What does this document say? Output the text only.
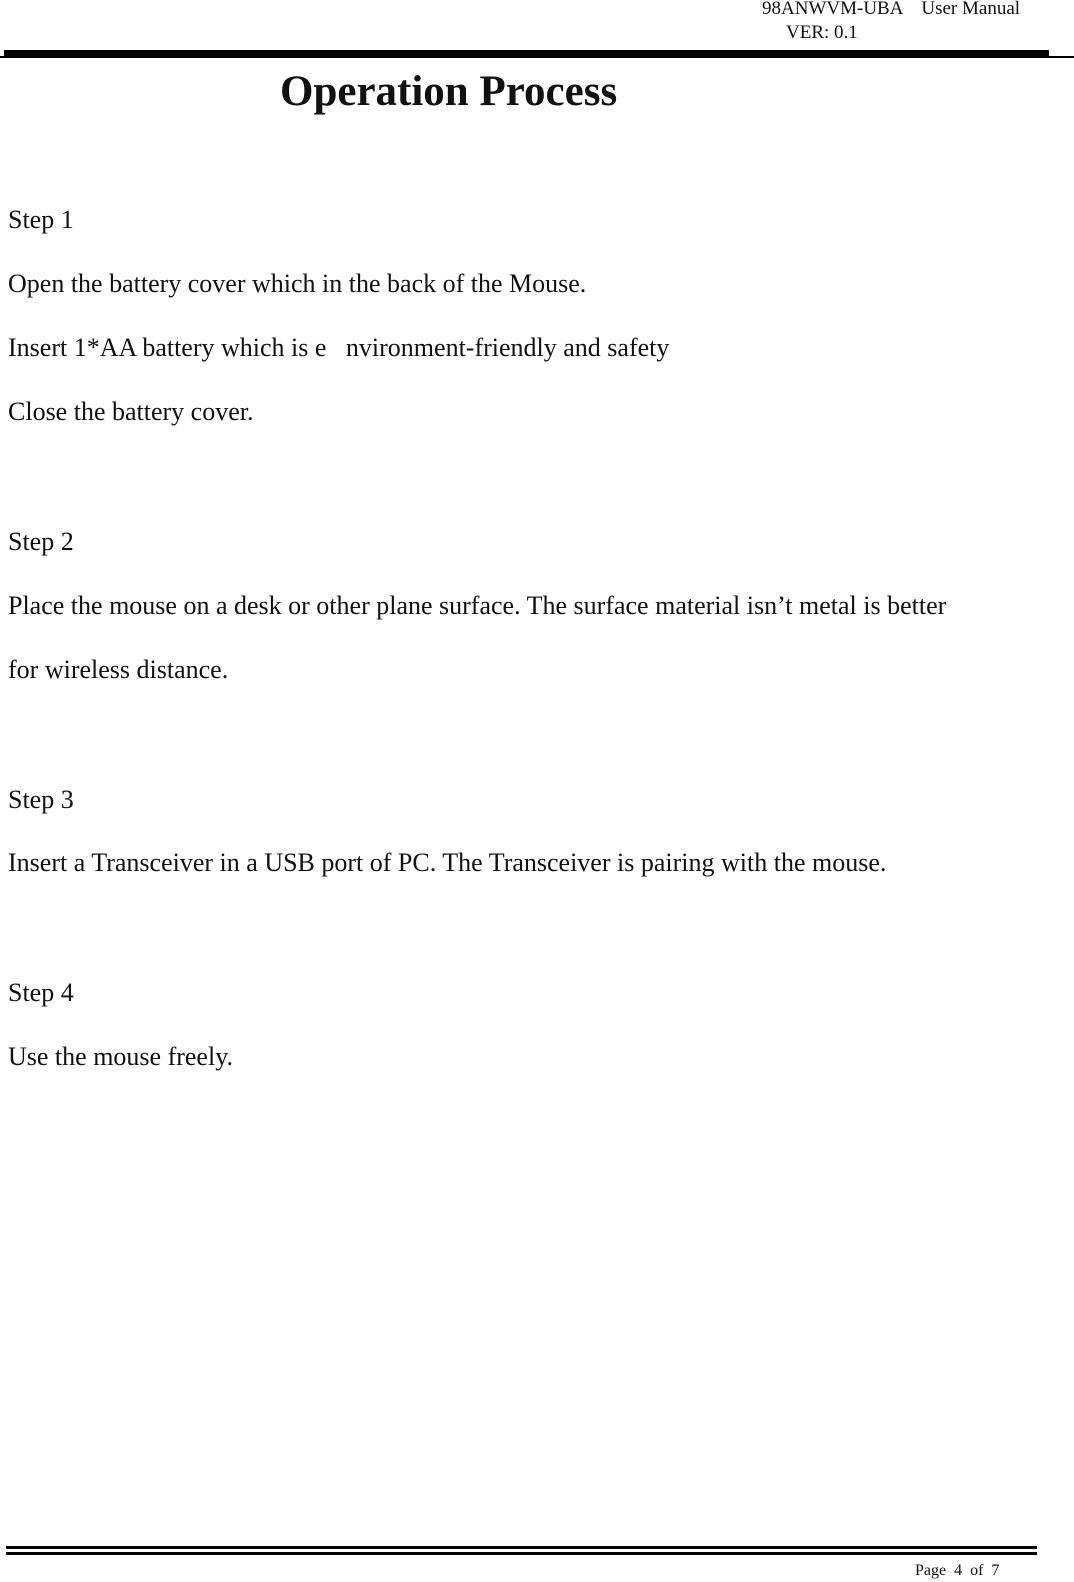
98ANWVM-UBA    User Manual
VER: 0.1
Operation Process
Step 1
Open the battery cover which in the back of the Mouse.
Insert 1*AA battery which is e   nvironment-friendly and safety
Close the battery cover.
Step 2
Place the mouse on a desk or other plane surface. The surface material isn’t metal is better
for wireless distance.
Step 3
Insert a Transceiver in a USB port of PC. The Transceiver is pairing with the mouse.
Step 4
Use the mouse freely.
Page  4  of  7
